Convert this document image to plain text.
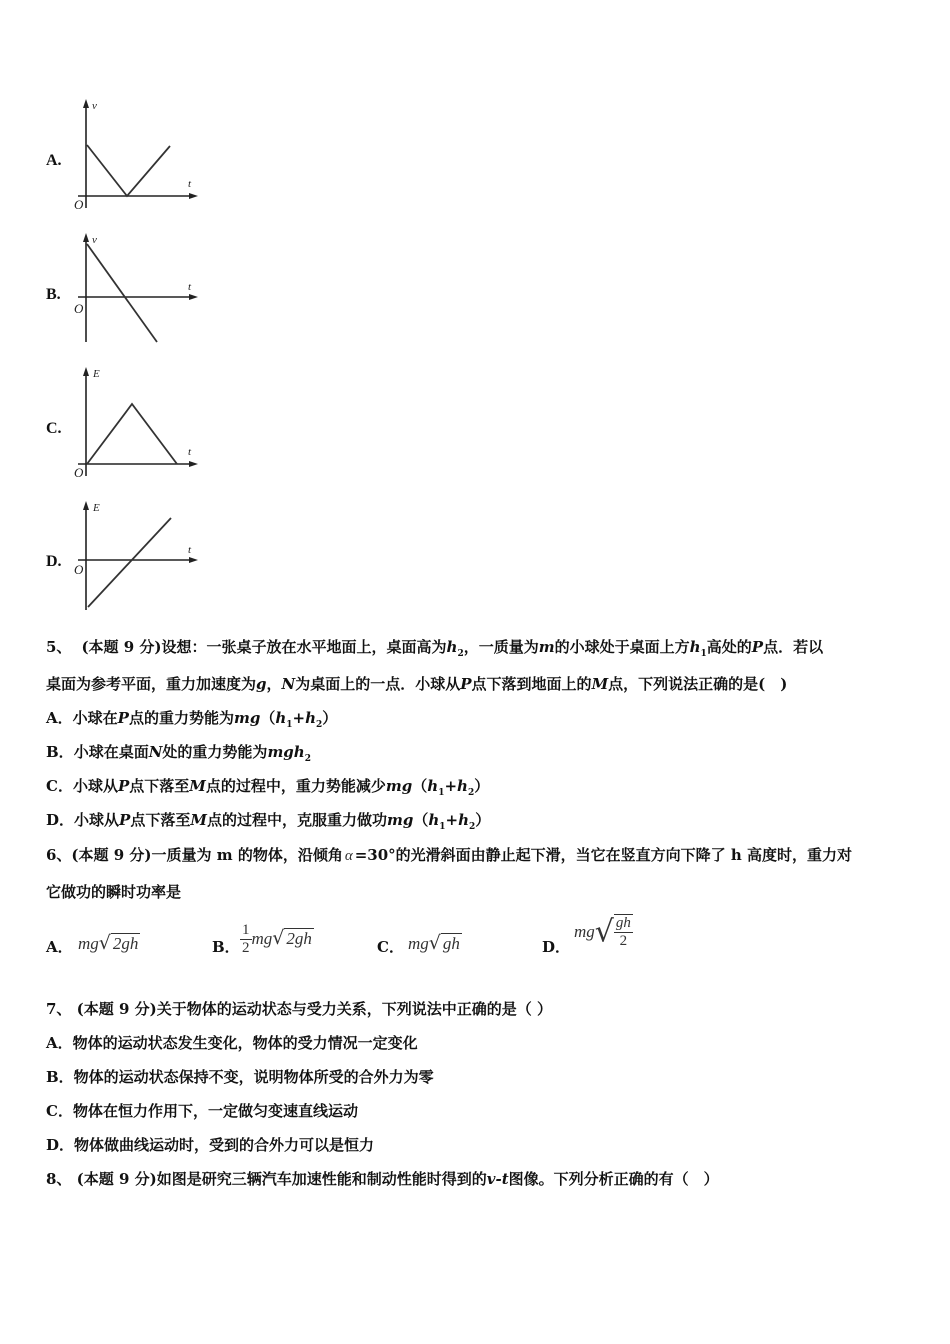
A.
v
t
O
B.
v
t
O
C.
E
t
O
D.
E
t
O
5、 (本题 9 分)设想：一张桌子放在水平地面上，桌面高为$h_2$，一质量为m的小球处于桌面上方$h_1$高处的P点．若以
桌面为参考平面，重力加速度为g，N为桌面上的一点．小球从P点下落到地面上的M点，下列说法正确的是(　)
A．小球在P点的重力势能为$mg(h_1+h_2)$
B．小球在桌面N处的重力势能为mgh$_2$
C．小球从P点下落至M点的过程中，重力势能减少$mg(h_1+h_2)$
D．小球从P点下落至M点的过程中，克服重力做功$mg(h_1+h_2)$
6、(本题 9 分)一质量为 m 的物体，沿倾角 α =30°的光滑斜面由静止起下滑，当它在竖直方向下降了 h 高度时，重力对
它做功的瞬时功率是
A． mg√ 2gh	B． $\frac{1}{2} mg√$ 2gh	C． mg√ gh	D．
$mg√ \frac{gh}{2}$
7、 (本题 9 分)关于物体的运动状态与受力关系，下列说法中正确的是（ ）
A．物体的运动状态发生变化，物体的受力情况一定变化
B．物体的运动状态保持不变，说明物体所受的合外力为零
C．物体在恒力作用下，一定做匀变速直线运动
D．物体做曲线运动时，受到的合外力可以是恒力
8、 (本题 9 分)如图是研究三辆汽车加速性能和制动性能时得到的v-t图像。下列分析正确的有（　）
